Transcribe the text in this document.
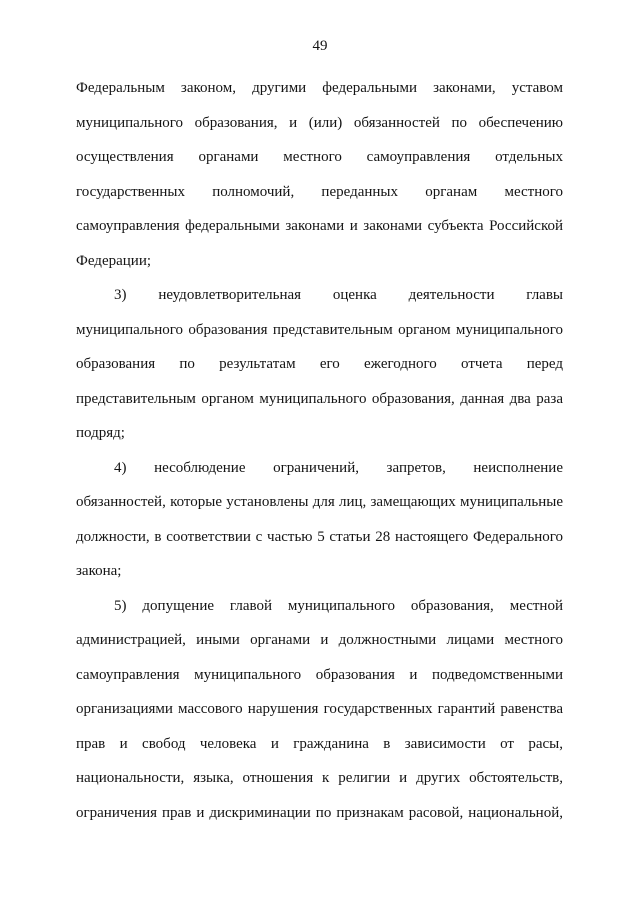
49
Федеральным законом, другими федеральными законами, уставом
муниципального образования, и (или) обязанностей по обеспечению
осуществления органами местного самоуправления отдельных
государственных полномочий, переданных органам местного
самоуправления федеральными законами и законами субъекта Российской
Федерации;
3) неудовлетворительная оценка деятельности главы
муниципального образования представительным органом муниципального
образования по результатам его ежегодного отчета перед
представительным органом муниципального образования, данная два раза
подряд;
4) несоблюдение ограничений, запретов, неисполнение
обязанностей, которые установлены для лиц, замещающих муниципальные
должности, в соответствии с частью 5 статьи 28 настоящего Федерального
закона;
5) допущение главой муниципального образования, местной
администрацией, иными органами и должностными лицами местного
самоуправления муниципального образования и подведомственными
организациями массового нарушения государственных гарантий равенства
прав и свобод человека и гражданина в зависимости от расы,
национальности, языка, отношения к религии и других обстоятельств,
ограничения прав и дискриминации по признакам расовой, национальной,
